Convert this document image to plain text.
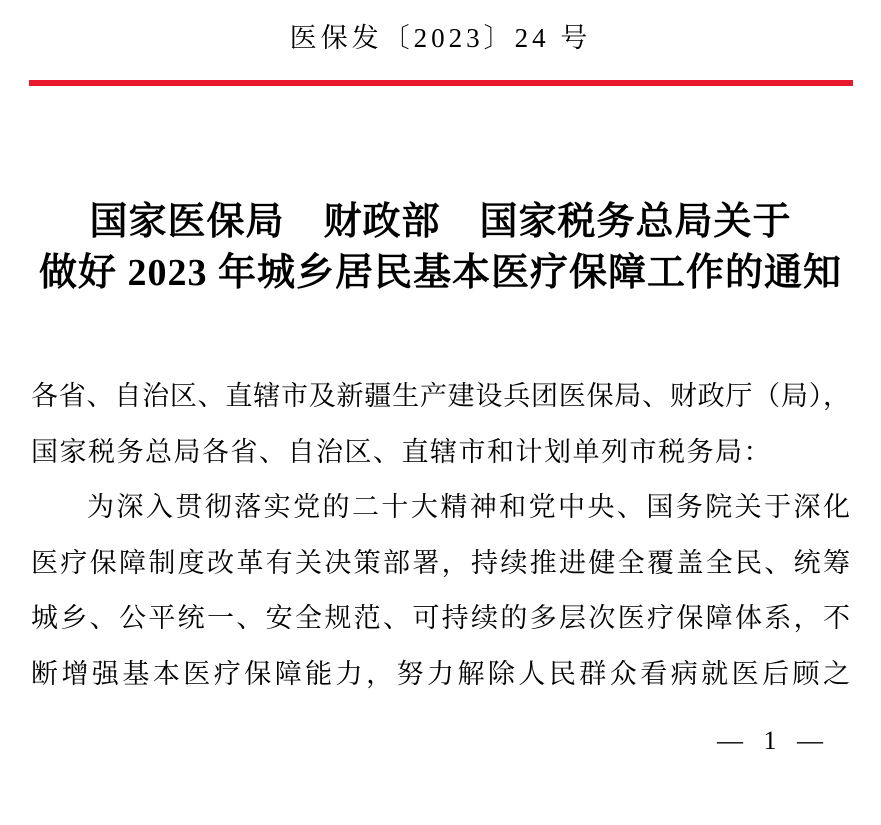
医保发〔2023〕24 号
国家医保局　财政部　国家税务总局关于
做好 2023 年城乡居民基本医疗保障工作的通知
各省、自治区、直辖市及新疆生产建设兵团医保局、财政厅（局），
国家税务总局各省、自治区、直辖市和计划单列市税务局：
为深入贯彻落实党的二十大精神和党中央、国务院关于深化
医疗保障制度改革有关决策部署，持续推进健全覆盖全民、统筹
城乡、公平统一、安全规范、可持续的多层次医疗保障体系，不
断增强基本医疗保障能力，努力解除人民群众看病就医后顾之
— 1 —
